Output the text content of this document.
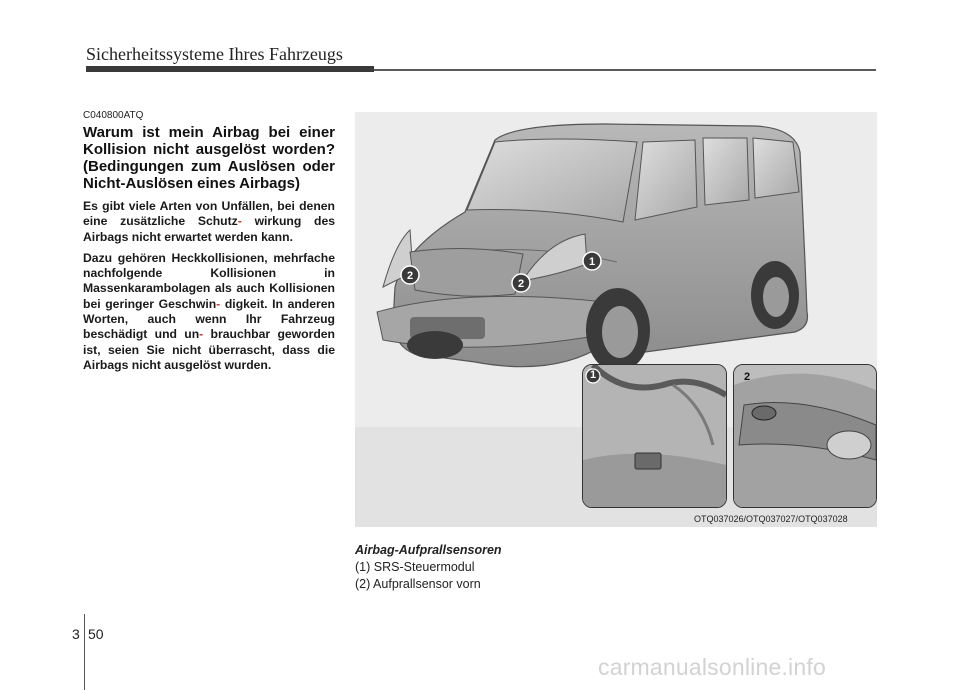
Sicherheitssysteme Ihres Fahrzeugs
C040800ATQ
Warum ist mein Airbag bei einer Kollision nicht ausgelöst worden? (Bedingungen zum Auslösen oder Nicht-Auslösen eines Airbags)

Es gibt viele Arten von Unfällen, bei denen eine zusätzliche Schutz- wirkung des Airbags nicht erwartet werden kann.

Dazu gehören Heckkollisionen, mehrfache nachfolgende Kollisionen in Massenkarambolagen als auch Kollisionen bei geringer Geschwin- digkeit. In anderen Worten, auch wenn Ihr Fahrzeug beschädigt und un- brauchbar geworden ist, seien Sie nicht überrascht, dass die Airbags nicht ausgelöst wurden.

1
2
2
1	2
OTQ037026/OTQ037027/OTQ037028
Airbag-Aufprallsensoren
(1) SRS-Steuermodul
(2) Aufprallsensor vorn
3 50
carmanualsonline.info
